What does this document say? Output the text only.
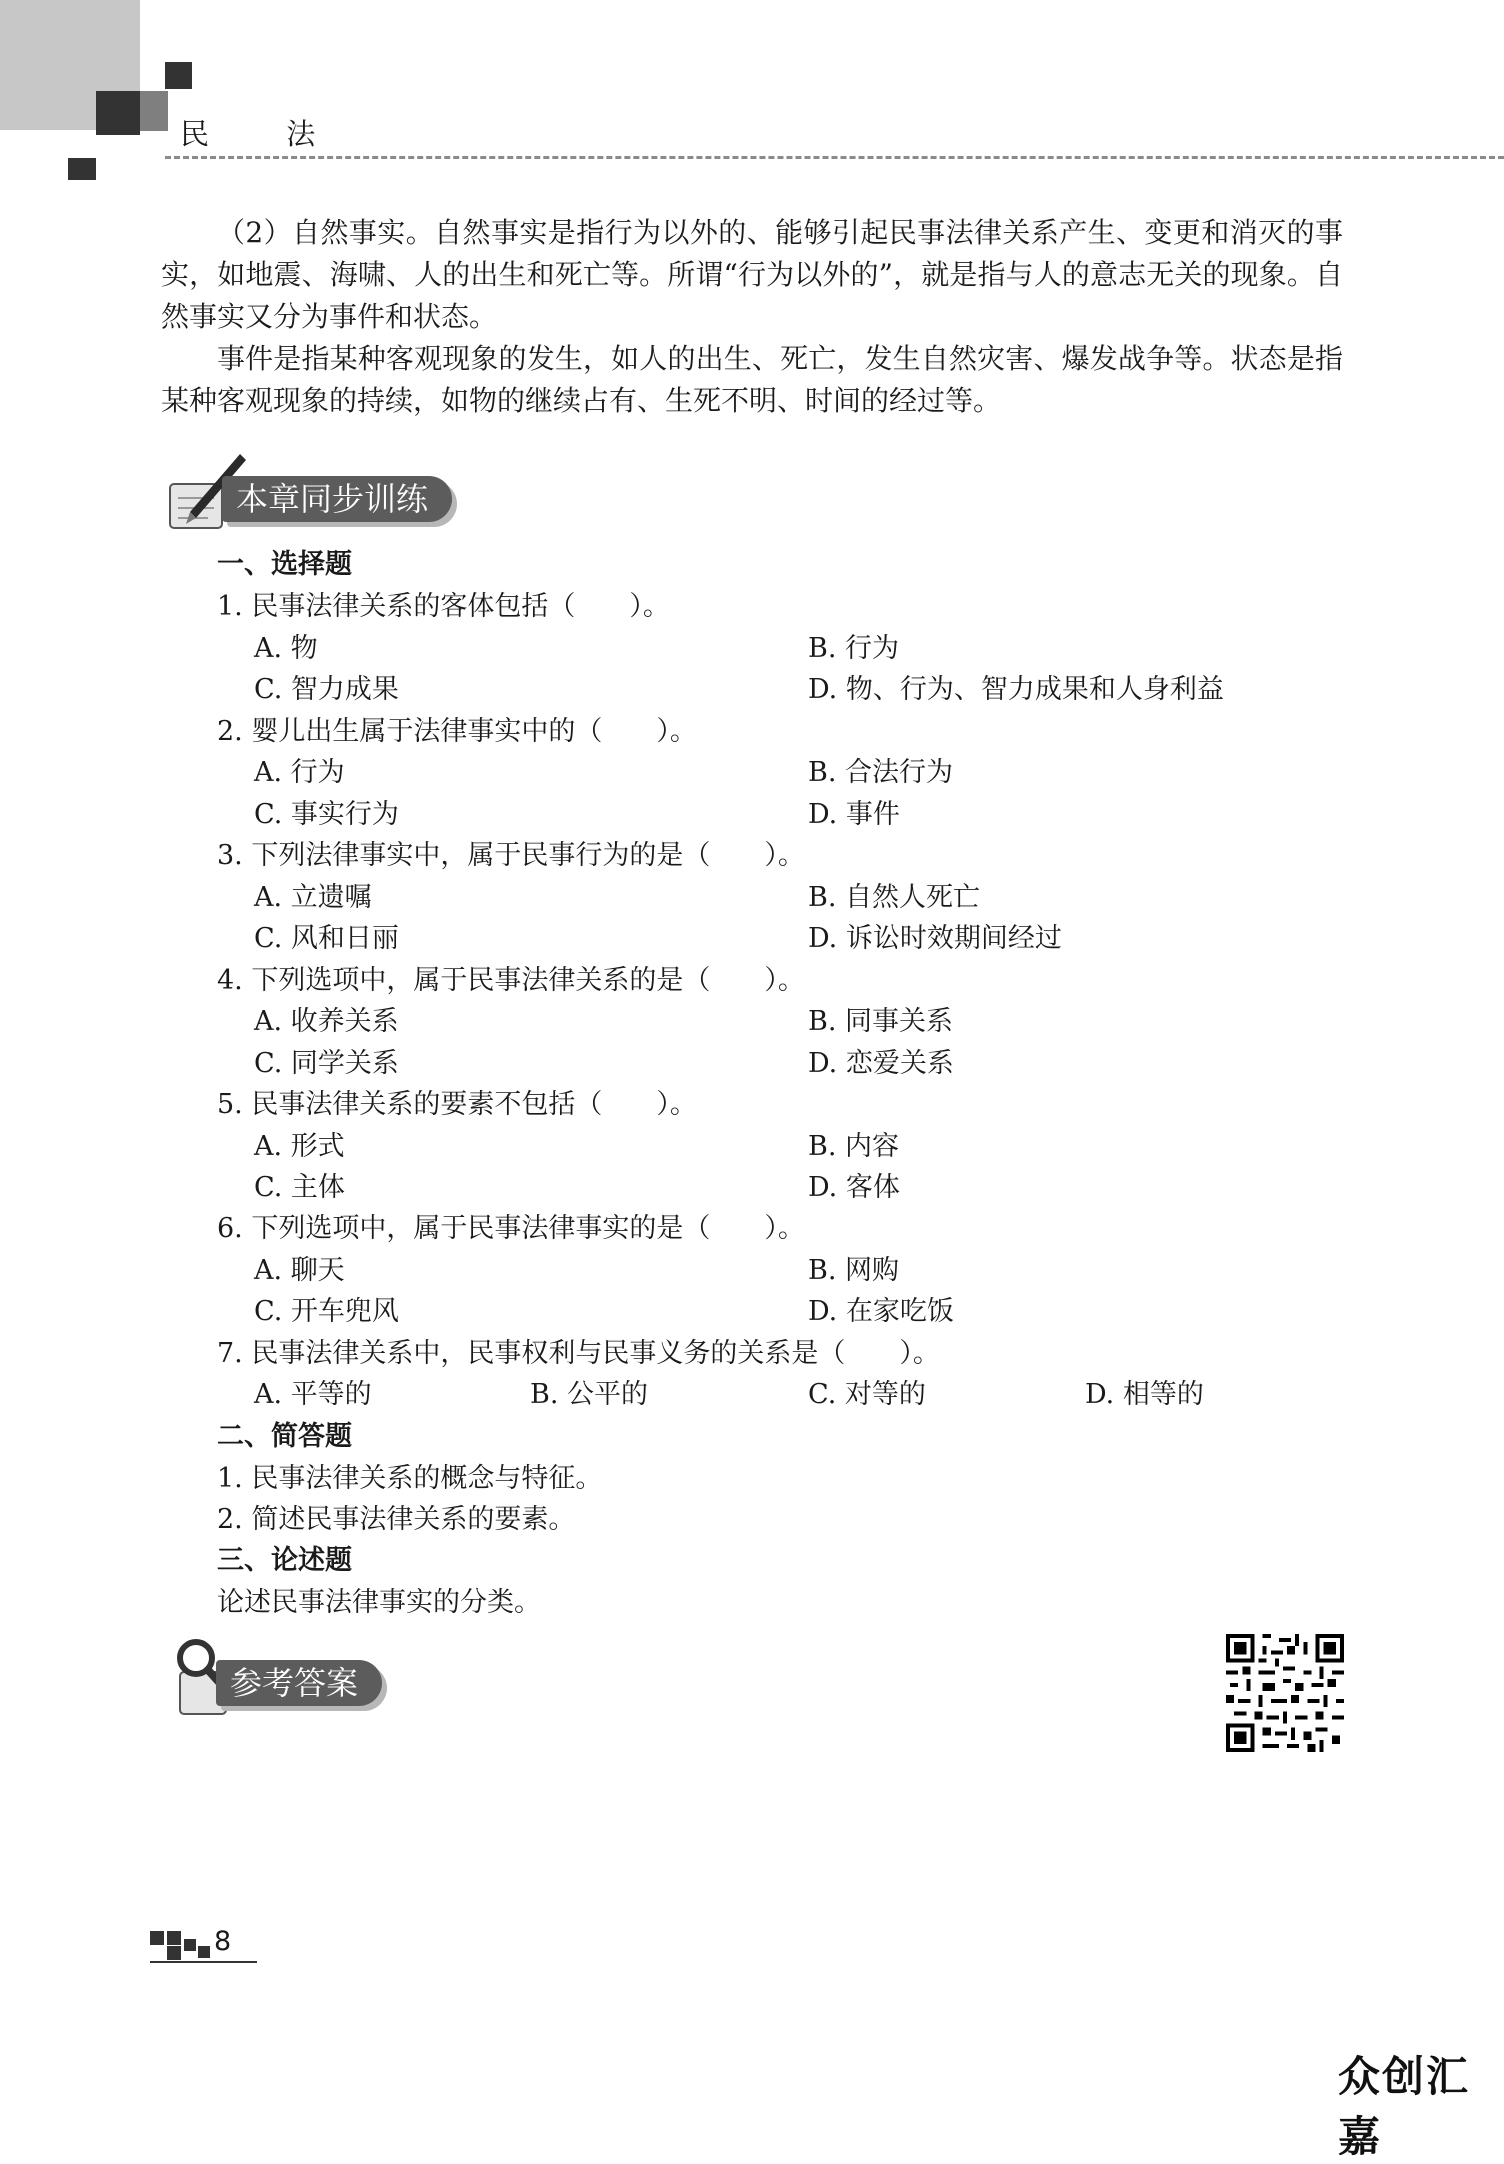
民 法

（2）自然事实。自然事实是指行为以外的、能够引起民事法律关系产生、变更和消灭的事实，如地震、海啸、人的出生和死亡等。所谓“行为以外的”，就是指与人的意志无关的现象。自然事实又分为事件和状态。

事件是指某种客观现象的发生，如人的出生、死亡，发生自然灾害、爆发战争等。状态是指某种客观现象的持续，如物的继续占有、生死不明、时间的经过等。

本章同步训练
一、选择题
1. 民事法律关系的客体包括（　　）。
A. 物	B. 行为
C. 智力成果	D. 物、行为、智力成果和人身利益
2. 婴儿出生属于法律事实中的（　　）。
A. 行为	B. 合法行为
C. 事实行为	D. 事件
3. 下列法律事实中，属于民事行为的是（　　）。
A. 立遗嘱	B. 自然人死亡
C. 风和日丽	D. 诉讼时效期间经过
4. 下列选项中，属于民事法律关系的是（　　）。
A. 收养关系	B. 同事关系
C. 同学关系	D. 恋爱关系
5. 民事法律关系的要素不包括（　　）。
A. 形式	B. 内容
C. 主体	D. 客体
6. 下列选项中，属于民事法律事实的是（　　）。
A. 聊天	B. 网购
C. 开车兜风	D. 在家吃饭
7. 民事法律关系中，民事权利与民事义务的关系是（　　）。
A. 平等的	B. 公平的	C. 对等的	D. 相等的
二、简答题
1. 民事法律关系的概念与特征。
2. 简述民事法律关系的要素。
三、论述题
论述民事法律事实的分类。
参考答案
8
众创汇嘉
